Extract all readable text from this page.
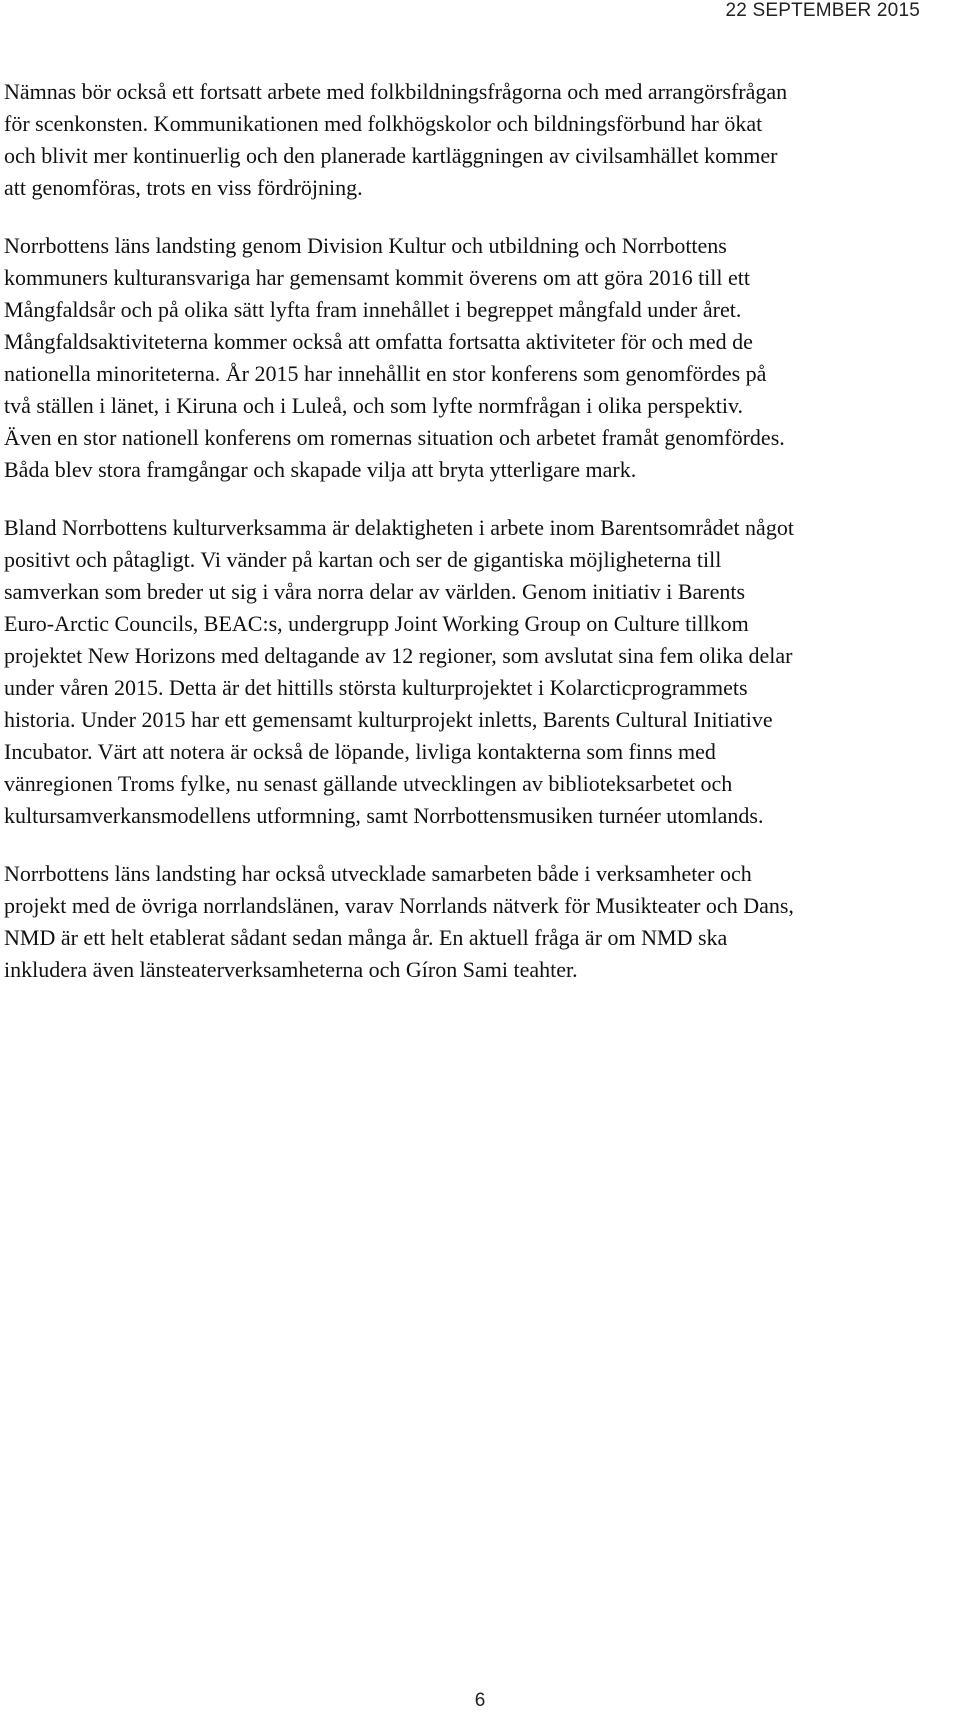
22 SEPTEMBER 2015

Nämnas bör också ett fortsatt arbete med folkbildningsfrågorna och med arrangörsfrågan
för scenkonsten. Kommunikationen med folkhögskolor och bildningsförbund har ökat
och blivit mer kontinuerlig och den planerade kartläggningen av civilsamhället kommer
att genomföras, trots en viss fördröjning.

Norrbottens läns landsting genom Division Kultur och utbildning och Norrbottens
kommuners kulturansvariga har gemensamt kommit överens om att göra 2016 till ett
Mångfaldsår och på olika sätt lyfta fram innehållet i begreppet mångfald under året.
Mångfaldsaktiviteterna kommer också att omfatta fortsatta aktiviteter för och med de
nationella minoriteterna. År 2015 har innehållit en stor konferens som genomfördes på
två ställen i länet, i Kiruna och i Luleå, och som lyfte normfrågan i olika perspektiv.
Även en stor nationell konferens om romernas situation och arbetet framåt genomfördes.
Båda blev stora framgångar och skapade vilja att bryta ytterligare mark.

Bland Norrbottens kulturverksamma är delaktigheten i arbete inom Barentsområdet något
positivt och påtagligt. Vi vänder på kartan och ser de gigantiska möjligheterna till
samverkan som breder ut sig i våra norra delar av världen. Genom initiativ i Barents
Euro-Arctic Councils, BEAC:s, undergrupp Joint Working Group on Culture tillkom
projektet New Horizons med deltagande av 12 regioner, som avslutat sina fem olika delar
under våren 2015. Detta är det hittills största kulturprojektet i Kolarcticprogrammets
historia. Under 2015 har ett gemensamt kulturprojekt inletts, Barents Cultural Initiative
Incubator. Värt att notera är också de löpande, livliga kontakterna som finns med
vänregionen Troms fylke, nu senast gällande utvecklingen av biblioteksarbetet och
kultursamverkansmodellens utformning, samt Norrbottensmusiken turnéer utomlands.

Norrbottens läns landsting har också utvecklade samarbeten både i verksamheter och
projekt med de övriga norrlandslänen, varav Norrlands nätverk för Musikteater och Dans,
NMD är ett helt etablerat sådant sedan många år. En aktuell fråga är om NMD ska
inkludera även länsteaterverksamheterna och Gíron Sami teahter.

6
